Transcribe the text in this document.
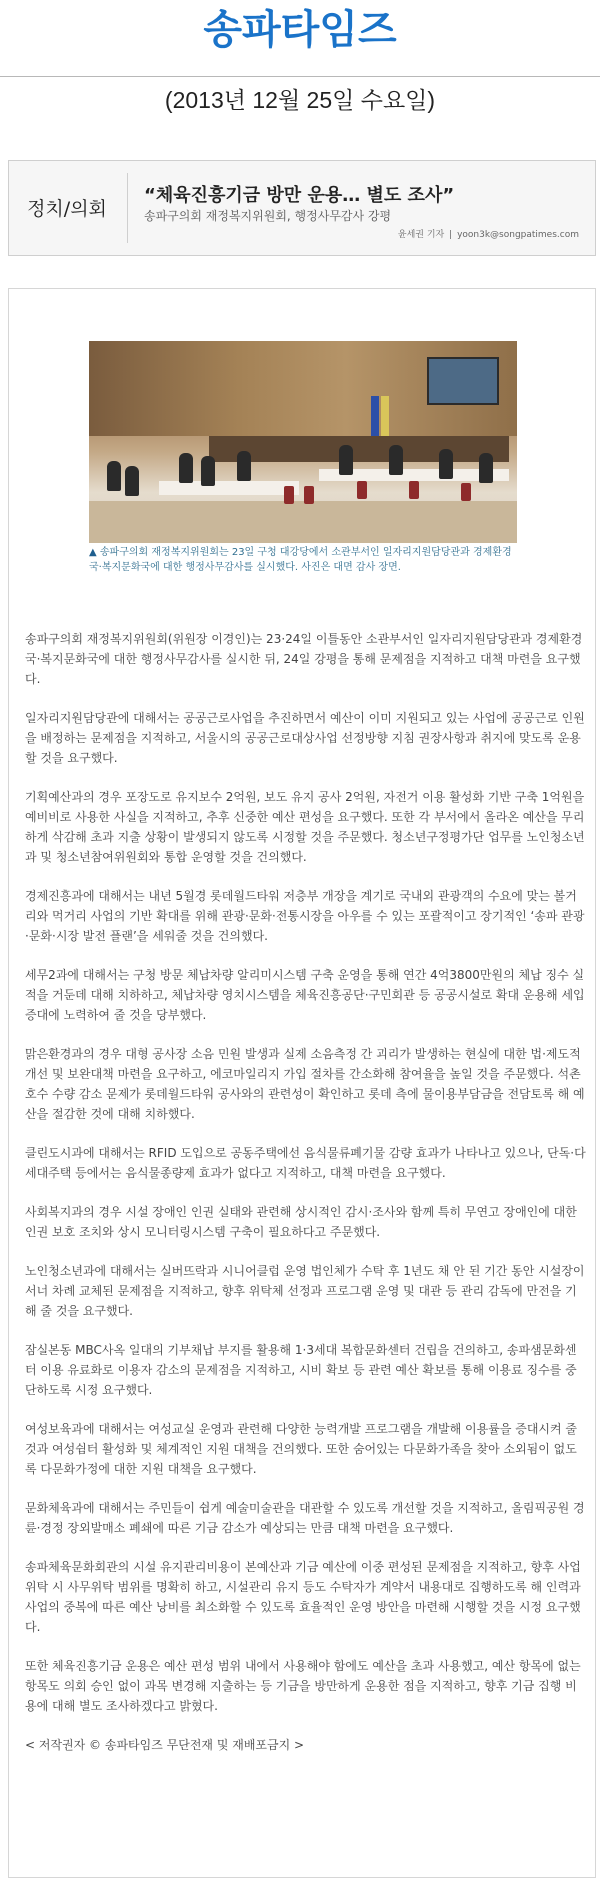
송파타임즈
(2013년 12월 25일 수요일)
정치/의회
“체육진흥기금 방만 운용… 별도 조사”
송파구의회 재정복지위원회, 행정사무감사 강평
윤세권 기자 | yoon3k@songpatimes.com
▲ 송파구의회 재정복지위원회는 23일 구청 대강당에서 소관부서인 일자리지원담당관과 경제환경국·복지문화국에 대한 행정사무감사를 실시했다. 사진은 대면 감사 장면.

송파구의회 재정복지위원회(위원장 이경인)는 23·24일 이틀동안 소관부서인 일자리지원담당관과 경제환경국·복지문화국에 대한 행정사무감사를 실시한 뒤, 24일 강평을 통해 문제점을 지적하고 대책 마련을 요구했다.

일자리지원담당관에 대해서는 공공근로사업을 추진하면서 예산이 이미 지원되고 있는 사업에 공공근로 인원을 배정하는 문제점을 지적하고, 서울시의 공공근로대상사업 선정방향 지침 권장사항과 취지에 맞도록 운용할 것을 요구했다.

기획예산과의 경우 포장도로 유지보수 2억원, 보도 유지 공사 2억원, 자전거 이용 활성화 기반 구축 1억원을 예비비로 사용한 사실을 지적하고, 추후 신중한 예산 편성을 요구했다. 또한 각 부서에서 올라온 예산을 무리하게 삭감해 초과 지출 상황이 발생되지 않도록 시정할 것을 주문했다. 청소년구정평가단 업무를 노인청소년과 및 청소년참여위원회와 통합 운영할 것을 건의했다.

경제진흥과에 대해서는 내년 5월경 롯데월드타워 저층부 개장을 계기로 국내외 관광객의 수요에 맞는 볼거리와 먹거리 사업의 기반 확대를 위해 관광·문화·전통시장을 아우를 수 있는 포괄적이고 장기적인 ‘송파 관광·문화·시장 발전 플랜’을 세워줄 것을 건의했다.

세무2과에 대해서는 구청 방문 체납차량 알리미시스템 구축 운영을 통해 연간 4억3800만원의 체납 징수 실적을 거둔데 대해 치하하고, 체납차량 영치시스템을 체육진흥공단·구민회관 등 공공시설로 확대 운용해 세입 증대에 노력하여 줄 것을 당부했다.

맑은환경과의 경우 대형 공사장 소음 민원 발생과 실제 소음측정 간 괴리가 발생하는 현실에 대한 법·제도적 개선 및 보완대책 마련을 요구하고, 에코마일리지 가입 절차를 간소화해 참여율을 높일 것을 주문했다. 석촌호수 수량 감소 문제가 롯데월드타워 공사와의 관련성이 확인하고 롯데 측에 물이용부담금을 전담토록 해 예산을 절감한 것에 대해 치하했다.

클린도시과에 대해서는 RFID 도입으로 공동주택에선 음식물류폐기물 감량 효과가 나타나고 있으나, 단독·다세대주택 등에서는 음식물종량제 효과가 없다고 지적하고, 대책 마련을 요구했다.

사회복지과의 경우 시설 장애인 인권 실태와 관련해 상시적인 감시·조사와 함께 특히 무연고 장애인에 대한 인권 보호 조치와 상시 모니터링시스템 구축이 필요하다고 주문했다.

노인청소년과에 대해서는 실버뜨락과 시니어클럽 운영 법인체가 수탁 후 1년도 채 안 된 기간 동안 시설장이 서너 차례 교체된 문제점을 지적하고, 향후 위탁체 선정과 프로그램 운영 및 대관 등 관리 감독에 만전을 기해 줄 것을 요구했다.

잠실본동 MBC사옥 일대의 기부채납 부지를 활용해 1·3세대 복합문화센터 건립을 건의하고, 송파샘문화센터 이용 유료화로 이용자 감소의 문제점을 지적하고, 시비 확보 등 관련 예산 확보를 통해 이용료 징수를 중단하도록 시정 요구했다.

여성보육과에 대해서는 여성교실 운영과 관련해 다양한 능력개발 프로그램을 개발해 이용률을 증대시켜 줄 것과 여성쉼터 활성화 및 체계적인 지원 대책을 건의했다. 또한 숨어있는 다문화가족을 찾아 소외됨이 없도록 다문화가정에 대한 지원 대책을 요구했다.

문화체육과에 대해서는 주민들이 쉽게 예술미술관을 대관할 수 있도록 개선할 것을 지적하고, 올림픽공원 경륜·경정 장외발매소 폐쇄에 따른 기금 감소가 예상되는 만큼 대책 마련을 요구했다.

송파체육문화회관의 시설 유지관리비용이 본예산과 기금 예산에 이중 편성된 문제점을 지적하고, 향후 사업 위탁 시 사무위탁 범위를 명확히 하고, 시설관리 유지 등도 수탁자가 계약서 내용대로 집행하도록 해 인력과 사업의 중복에 따른 예산 낭비를 최소화할 수 있도록 효율적인 운영 방안을 마련해 시행할 것을 시정 요구했다.

또한 체육진흥기금 운용은 예산 편성 범위 내에서 사용해야 함에도 예산을 초과 사용했고, 예산 항목에 없는 항목도 의회 승인 없이 과목 변경해 지출하는 등 기금을 방만하게 운용한 점을 지적하고, 향후 기금 집행 비용에 대해 별도 조사하겠다고 밝혔다.

< 저작권자 © 송파타임즈 무단전재 및 재배포금지 >
